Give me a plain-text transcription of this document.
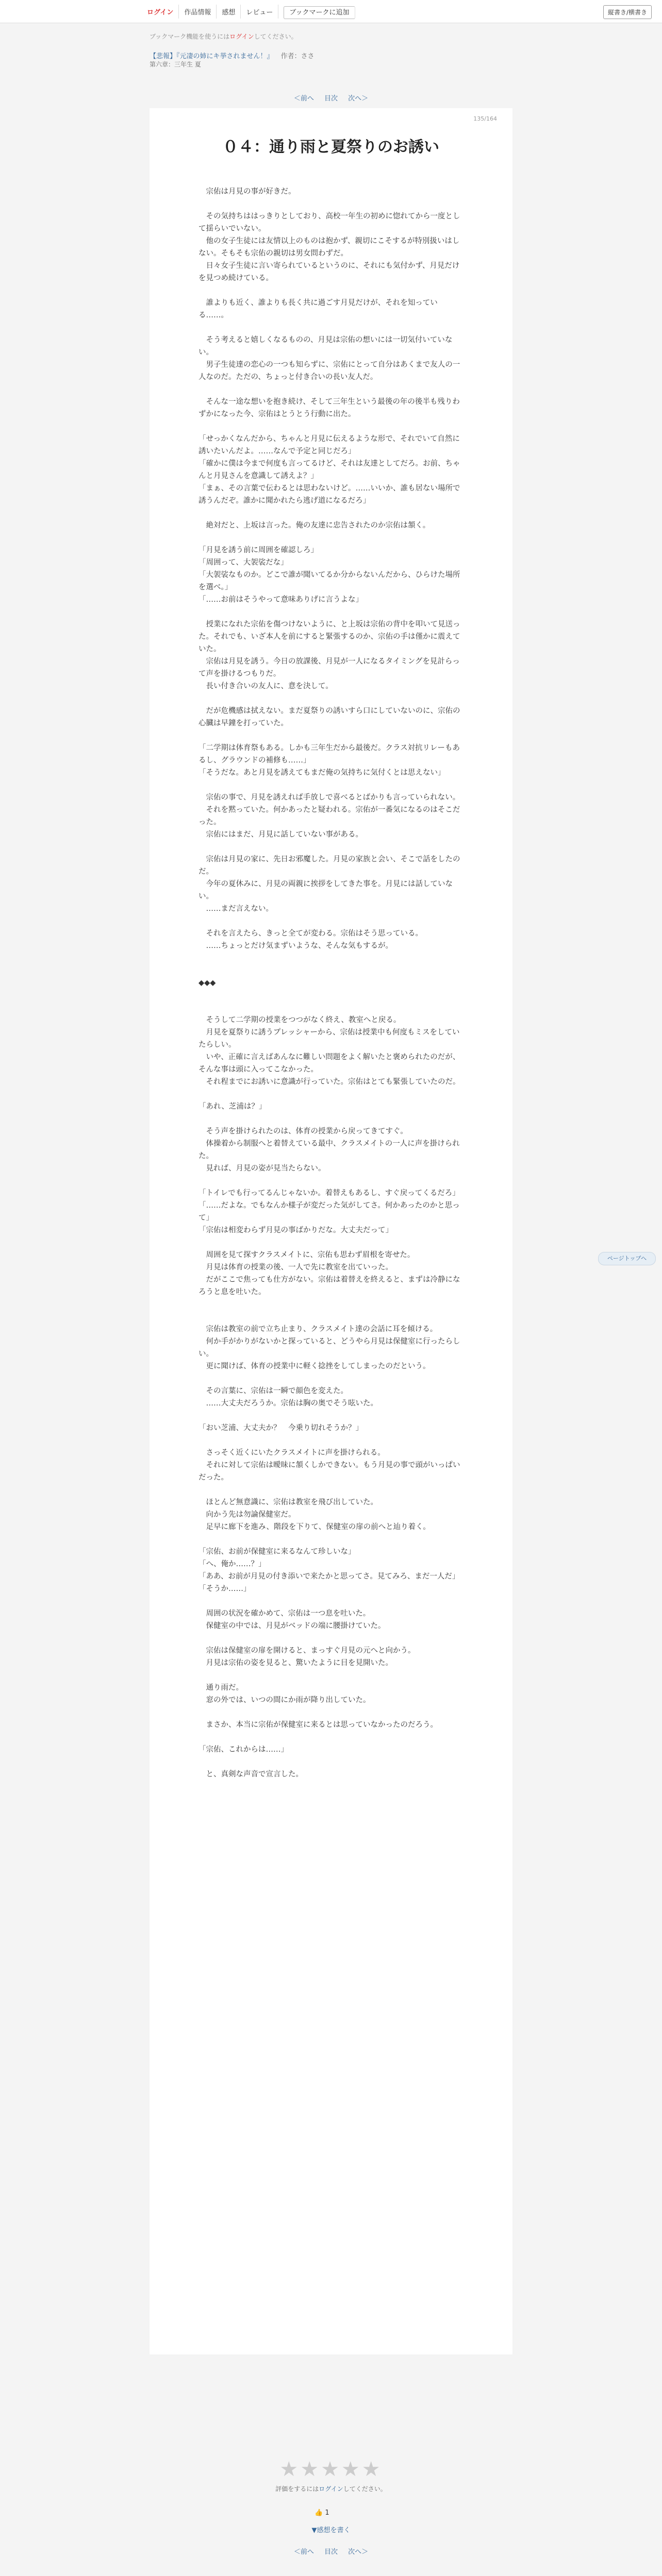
ログイン	作品情報	感想	レビュー	ブックマークに追加	縦書き/横書き
ブックマーク機能を使うにはログインしてください。
【悲報】『元凄の姉にキ挙されません！』 作者：ささ
第六章：三年生 夏
＜前へ 目次 次へ＞
135/164
０４：通り雨と夏祭りのお誘い

　宗佑は月見の事が好きだ。

　その気持ちははっきりとしており、高校一年生の初めに惚れてから一度として揺らいでいない。

　他の女子生徒には友情以上のものは抱かず、親切にこそするが特別扱いはしない。そもそも宗佑の親切は男女問わずだ。

　日々女子生徒に言い寄られているというのに、それにも気付かず、月見だけを見つめ続けている。

　誰よりも近く、誰よりも長く共に過ごす月見だけが、それを知っている……。

　そう考えると嬉しくなるものの、月見は宗佑の想いには一切気付いていない。

　男子生徒達の恋心の一つも知らずに、宗佑にとって自分はあくまで友人の一人なのだ。ただの、ちょっと付き合いの長い友人だ。

　そんな一途な想いを抱き続け、そして三年生という最後の年の後半も残りわずかになった今、宗佑はとうとう行動に出た。

「せっかくなんだから、ちゃんと月見に伝えるような形で、それでいて自然に誘いたいんだよ。……なんで予定と同じだろ」

「確かに僕は今まで何度も言ってるけど、それは友達としてだろ。お前、ちゃんと月見さんを意識して誘えよ？」

「まぁ、その言葉で伝わるとは思わないけど。……いいか、誰も居ない場所で誘うんだぞ。誰かに聞かれたら逃げ道になるだろ」

　絶対だと、上坂は言った。俺の友達に忠告されたのか宗佑は頷く。

「月見を誘う前に周囲を確認しろ」

「周囲って、大袈裟だな」

「大袈裟なものか。どこで誰が聞いてるか分からないんだから、ひらけた場所を選べ。」

「……お前はそうやって意味ありげに言うよな」

　授業になれた宗佑を傷つけないように、と上坂は宗佑の背中を叩いて見送った。それでも、いざ本人を前にすると緊張するのか、宗佑の手は僅かに震えていた。

　宗佑は月見を誘う。今日の放課後、月見が一人になるタイミングを見計らって声を掛けるつもりだ。

　長い付き合いの友人に、意を決して。

　だが危機感は拭えない。まだ夏祭りの誘いすら口にしていないのに、宗佑の心臓は早鐘を打っていた。

「二学期は体育祭もある。しかも三年生だから最後だ。クラス対抗リレーもあるし、グラウンドの補修も……」

「そうだな。あと月見を誘えてもまだ俺の気持ちに気付くとは思えない」

　宗佑の事で、月見を誘えれば手放しで喜べるとばかりも言っていられない。

　それを黙っていた。何かあったと疑われる。宗佑が一番気になるのはそこだった。

　宗佑にはまだ、月見に話していない事がある。

　宗佑は月見の家に、先日お邪魔した。月見の家族と会い、そこで話をしたのだ。

　今年の夏休みに、月見の両親に挨拶をしてきた事を。月見には話していない。

　……まだ言えない。

　それを言えたら、きっと全てが変わる。宗佑はそう思っている。

　……ちょっとだけ気まずいような、そんな気もするが。

◆◆◆

　そうして二学期の授業をつつがなく終え、教室へと戻る。

　月見を夏祭りに誘うプレッシャーから、宗佑は授業中も何度もミスをしていたらしい。

　いや、正確に言えばあんなに難しい問題をよく解いたと褒められたのだが、そんな事は頭に入ってこなかった。

　それ程までにお誘いに意識が行っていた。宗佑はとても緊張していたのだ。

「あれ、芝浦は？」

　そう声を掛けられたのは、体育の授業から戻ってきてすぐ。

　体操着から制服へと着替えている最中、クラスメイトの一人に声を掛けられた。

　見れば、月見の姿が見当たらない。

「トイレでも行ってるんじゃないか。着替えもあるし、すぐ戻ってくるだろ」

「……だよな。でもなんか様子が変だった気がしてさ。何かあったのかと思って」

「宗佑は相変わらず月見の事ばかりだな。大丈夫だって」

　周囲を見て探すクラスメイトに、宗佑も思わず眉根を寄せた。

　月見は体育の授業の後、一人で先に教室を出ていった。

　だがここで焦っても仕方がない。宗佑は着替えを終えると、まずは冷静になろうと息を吐いた。

　宗佑は教室の前で立ち止まり、クラスメイト達の会話に耳を傾ける。

　何か手がかりがないかと探っていると、どうやら月見は保健室に行ったらしい。

　更に聞けば、体育の授業中に軽く捻挫をしてしまったのだという。

　その言葉に、宗佑は一瞬で顔色を変えた。

　……大丈夫だろうか。宗佑は胸の奥でそう呟いた。

「おい芝浦、大丈夫か？　今乗り切れそうか？」

　さっそく近くにいたクラスメイトに声を掛けられる。

　それに対して宗佑は曖昧に頷くしかできない。もう月見の事で頭がいっぱいだった。

　ほとんど無意識に、宗佑は教室を飛び出していた。

　向かう先は勿論保健室だ。

　足早に廊下を進み、階段を下りて、保健室の扉の前へと辿り着く。

「宗佑、お前が保健室に来るなんて珍しいな」

「へ、俺か……？」

「ああ、お前が月見の付き添いで来たかと思ってさ。見てみろ、まだ一人だ」

「そうか……」

　周囲の状況を確かめて、宗佑は一つ息を吐いた。

　保健室の中では、月見がベッドの端に腰掛けていた。

　宗佑は保健室の扉を開けると、まっすぐ月見の元へと向かう。

　月見は宗佑の姿を見ると、驚いたように目を見開いた。

　通り雨だ。

　窓の外では、いつの間にか雨が降り出していた。

　まさか、本当に宗佑が保健室に来るとは思っていなかったのだろう。

「宗佑、これからは……」

　と、真剣な声音で宣言した。

ページトップへ
★★★★★
評価をするにはログインしてください。
👍 1
▼感想を書く
＜前へ 目次 次へ＞
